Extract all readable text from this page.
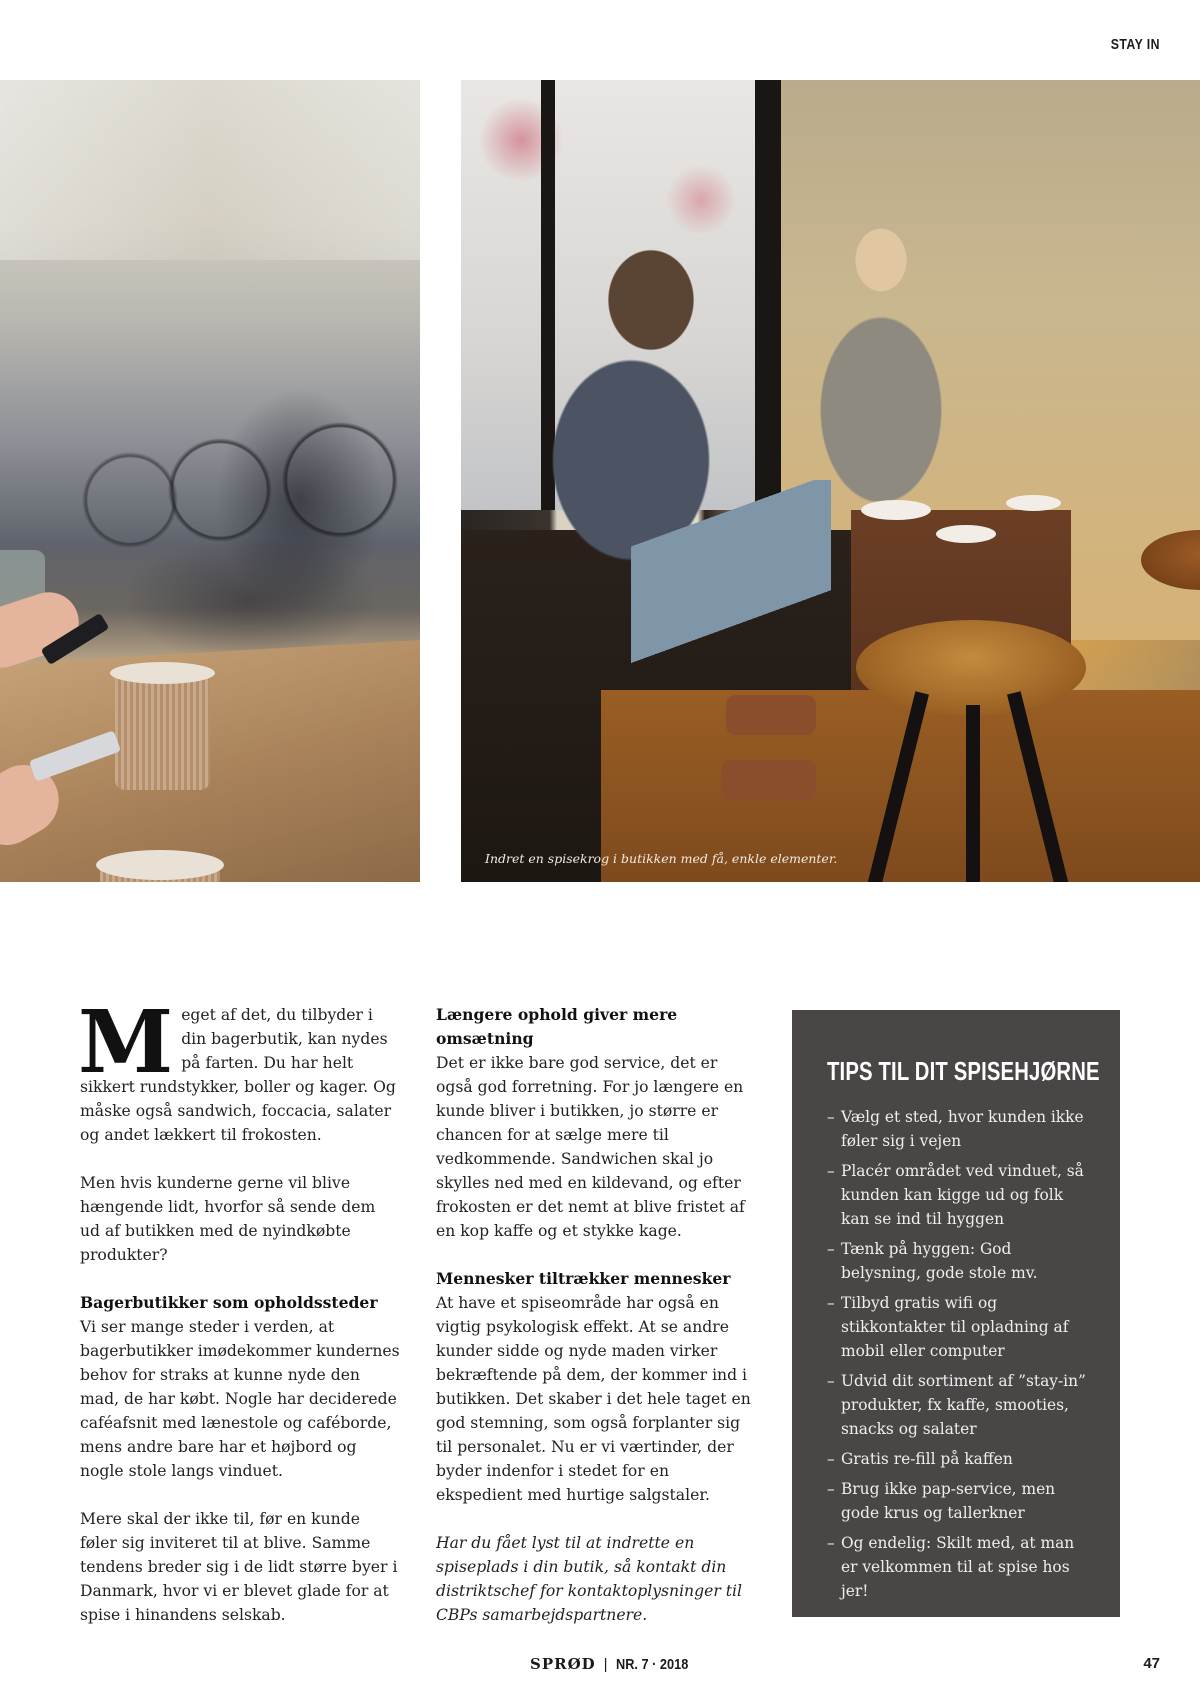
STAY IN
Indret en spisekrog i butikken med få, enkle elementer.

Meget af det, du tilbyder i din bagerbutik, kan nydes på farten. Du har helt sikkert rundstykker, boller og kager. Og måske også sandwich, foccacia, salater og andet lækkert til frokosten.

Men hvis kunderne gerne vil blive hængende lidt, hvorfor så sende dem ud af butikken med de nyindkøbte produkter?

Bagerbutikker som opholdssteder

Vi ser mange steder i verden, at bagerbutikker imødekommer kundernes behov for straks at kunne nyde den mad, de har købt. Nogle har deciderede caféafsnit med lænestole og caféborde, mens andre bare har et højbord og nogle stole langs vinduet.

Mere skal der ikke til, før en kunde føler sig inviteret til at blive. Samme tendens breder sig i de lidt større byer i Danmark, hvor vi er blevet glade for at spise i hinandens selskab.

Længere ophold giver mere omsætning

Det er ikke bare god service, det er også god forretning. For jo længere en kunde bliver i butikken, jo større er chancen for at sælge mere til vedkommende. Sandwichen skal jo skylles ned med en kildevand, og efter frokosten er det nemt at blive fristet af en kop kaffe og et stykke kage.

Mennesker tiltrækker mennesker

At have et spiseområde har også en vigtig psykologisk effekt. At se andre kunder sidde og nyde maden virker bekræftende på dem, der kommer ind i butikken. Det skaber i det hele taget en god stemning, som også forplanter sig til personalet. Nu er vi værtinder, der byder indenfor i stedet for en ekspedient med hurtige salgstaler.

Har du fået lyst til at indrette en spiseplads i din butik, så kontakt din distriktschef for kontaktoplysninger til CBPs samarbejdspartnere.

TIPS TIL DIT SPISEHJØRNE
– Vælg et sted, hvor kunden ikke føler sig i vejen
– Placér området ved vinduet, så kunden kan kigge ud og folk kan se ind til hyggen
– Tænk på hyggen: God belysning, gode stole mv.
– Tilbyd gratis wifi og stikkontakter til opladning af mobil eller computer
– Udvid dit sortiment af ”stay-in” produkter, fx kaffe, smooties, snacks og salater
– Gratis re-fill på kaffen
– Brug ikke pap-service, men gode krus og tallerkner
– Og endelig: Skilt med, at man er velkommen til at spise hos jer!
SPRØD | NR. 7 · 2018	47
